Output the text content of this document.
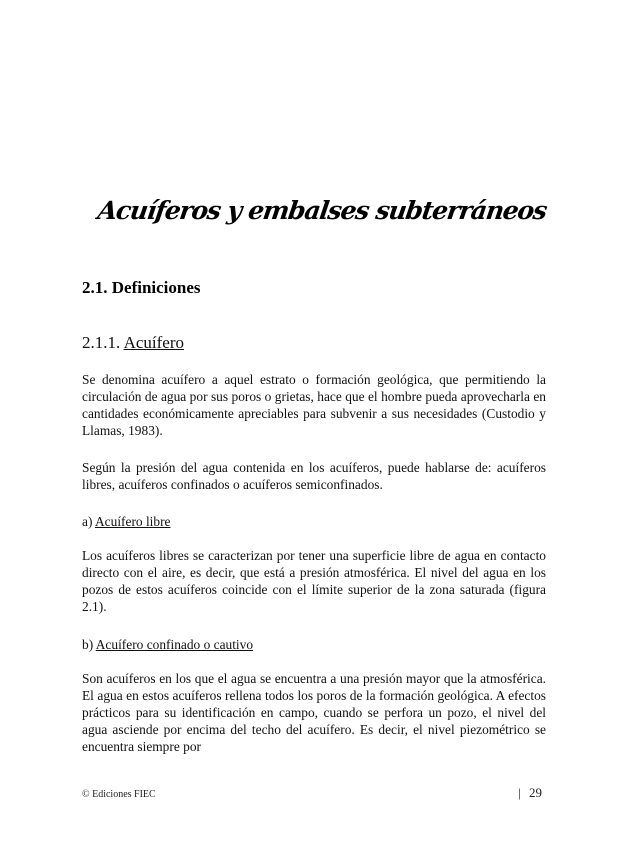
Acuíferos y embalses subterráneos
2.1. Definiciones
2.1.1. Acuífero

Se denomina acuífero a aquel estrato o formación geológica, que permitiendo la circulación de agua por sus poros o grietas, hace que el hombre pueda aprovecharla en cantidades económicamente apreciables para subvenir a sus necesidades (Custodio y Llamas, 1983).

Según la presión del agua contenida en los acuíferos, puede hablarse de: acuíferos libres, acuíferos confinados o acuíferos semiconfinados.

a) Acuífero libre

Los acuíferos libres se caracterizan por tener una superficie libre de agua en contacto directo con el aire, es decir, que está a presión atmosférica. El nivel del agua en los pozos de estos acuíferos coincide con el límite superior de la zona saturada (figura 2.1).

b) Acuífero confinado o cautivo

Son acuíferos en los que el agua se encuentra a una presión mayor que la atmosférica. El agua en estos acuíferos rellena todos los poros de la formación geológica. A efectos prácticos para su identificación en campo, cuando se perfora un pozo, el nivel del agua asciende por encima del techo del acuífero. Es decir, el nivel piezométrico se encuentra siempre por

© Ediciones FIEC	| 29
